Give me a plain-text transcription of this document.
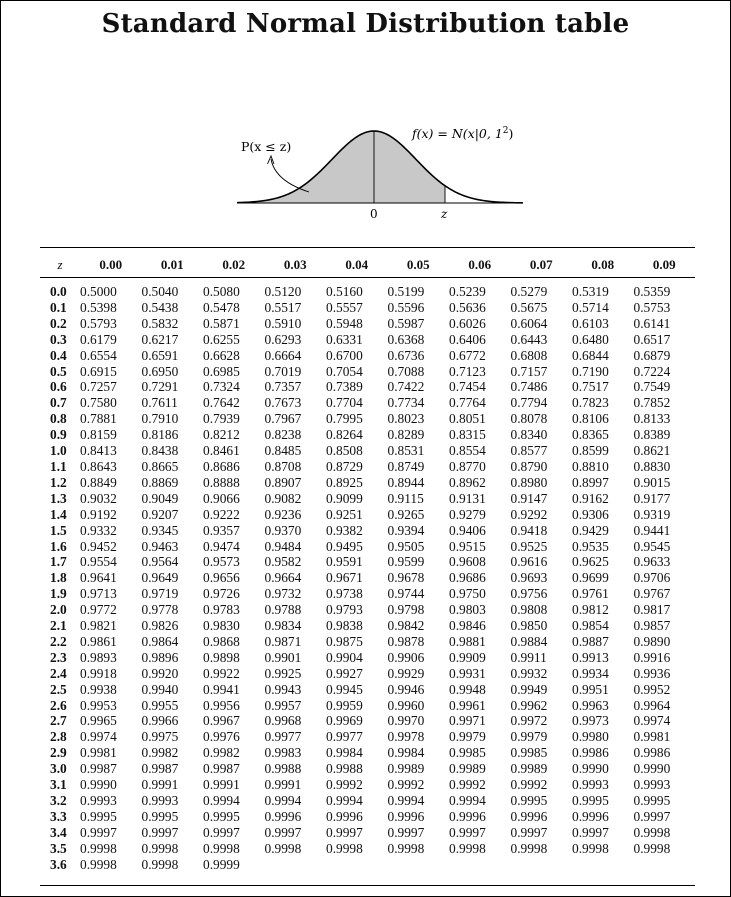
Standard Normal Distribution table
P(x ≤ z)
f(x) = N(x|0, $1^2$)
0	z
z	0.00	0.01	0.02	0.03	0.04	0.05	0.06	0.07	0.08	0.09

0.0	0.5000	0.5040	0.5080	0.5120	0.5160	0.5199	0.5239	0.5279	0.5319	0.5359
0.1	0.5398	0.5438	0.5478	0.5517	0.5557	0.5596	0.5636	0.5675	0.5714	0.5753
0.2	0.5793	0.5832	0.5871	0.5910	0.5948	0.5987	0.6026	0.6064	0.6103	0.6141
0.3	0.6179	0.6217	0.6255	0.6293	0.6331	0.6368	0.6406	0.6443	0.6480	0.6517
0.4	0.6554	0.6591	0.6628	0.6664	0.6700	0.6736	0.6772	0.6808	0.6844	0.6879
0.5	0.6915	0.6950	0.6985	0.7019	0.7054	0.7088	0.7123	0.7157	0.7190	0.7224
0.6	0.7257	0.7291	0.7324	0.7357	0.7389	0.7422	0.7454	0.7486	0.7517	0.7549
0.7	0.7580	0.7611	0.7642	0.7673	0.7704	0.7734	0.7764	0.7794	0.7823	0.7852
0.8	0.7881	0.7910	0.7939	0.7967	0.7995	0.8023	0.8051	0.8078	0.8106	0.8133
0.9	0.8159	0.8186	0.8212	0.8238	0.8264	0.8289	0.8315	0.8340	0.8365	0.8389
1.0	0.8413	0.8438	0.8461	0.8485	0.8508	0.8531	0.8554	0.8577	0.8599	0.8621
1.1	0.8643	0.8665	0.8686	0.8708	0.8729	0.8749	0.8770	0.8790	0.8810	0.8830
1.2	0.8849	0.8869	0.8888	0.8907	0.8925	0.8944	0.8962	0.8980	0.8997	0.9015
1.3	0.9032	0.9049	0.9066	0.9082	0.9099	0.9115	0.9131	0.9147	0.9162	0.9177
1.4	0.9192	0.9207	0.9222	0.9236	0.9251	0.9265	0.9279	0.9292	0.9306	0.9319
1.5	0.9332	0.9345	0.9357	0.9370	0.9382	0.9394	0.9406	0.9418	0.9429	0.9441
1.6	0.9452	0.9463	0.9474	0.9484	0.9495	0.9505	0.9515	0.9525	0.9535	0.9545
1.7	0.9554	0.9564	0.9573	0.9582	0.9591	0.9599	0.9608	0.9616	0.9625	0.9633
1.8	0.9641	0.9649	0.9656	0.9664	0.9671	0.9678	0.9686	0.9693	0.9699	0.9706
1.9	0.9713	0.9719	0.9726	0.9732	0.9738	0.9744	0.9750	0.9756	0.9761	0.9767
2.0	0.9772	0.9778	0.9783	0.9788	0.9793	0.9798	0.9803	0.9808	0.9812	0.9817
2.1	0.9821	0.9826	0.9830	0.9834	0.9838	0.9842	0.9846	0.9850	0.9854	0.9857
2.2	0.9861	0.9864	0.9868	0.9871	0.9875	0.9878	0.9881	0.9884	0.9887	0.9890
2.3	0.9893	0.9896	0.9898	0.9901	0.9904	0.9906	0.9909	0.9911	0.9913	0.9916
2.4	0.9918	0.9920	0.9922	0.9925	0.9927	0.9929	0.9931	0.9932	0.9934	0.9936
2.5	0.9938	0.9940	0.9941	0.9943	0.9945	0.9946	0.9948	0.9949	0.9951	0.9952
2.6	0.9953	0.9955	0.9956	0.9957	0.9959	0.9960	0.9961	0.9962	0.9963	0.9964
2.7	0.9965	0.9966	0.9967	0.9968	0.9969	0.9970	0.9971	0.9972	0.9973	0.9974
2.8	0.9974	0.9975	0.9976	0.9977	0.9977	0.9978	0.9979	0.9979	0.9980	0.9981
2.9	0.9981	0.9982	0.9982	0.9983	0.9984	0.9984	0.9985	0.9985	0.9986	0.9986
3.0	0.9987	0.9987	0.9987	0.9988	0.9988	0.9989	0.9989	0.9989	0.9990	0.9990
3.1	0.9990	0.9991	0.9991	0.9991	0.9992	0.9992	0.9992	0.9992	0.9993	0.9993
3.2	0.9993	0.9993	0.9994	0.9994	0.9994	0.9994	0.9994	0.9995	0.9995	0.9995
3.3	0.9995	0.9995	0.9995	0.9996	0.9996	0.9996	0.9996	0.9996	0.9996	0.9997
3.4	0.9997	0.9997	0.9997	0.9997	0.9997	0.9997	0.9997	0.9997	0.9997	0.9998
3.5	0.9998	0.9998	0.9998	0.9998	0.9998	0.9998	0.9998	0.9998	0.9998	0.9998
3.6	0.9998	0.9998	0.9999							
